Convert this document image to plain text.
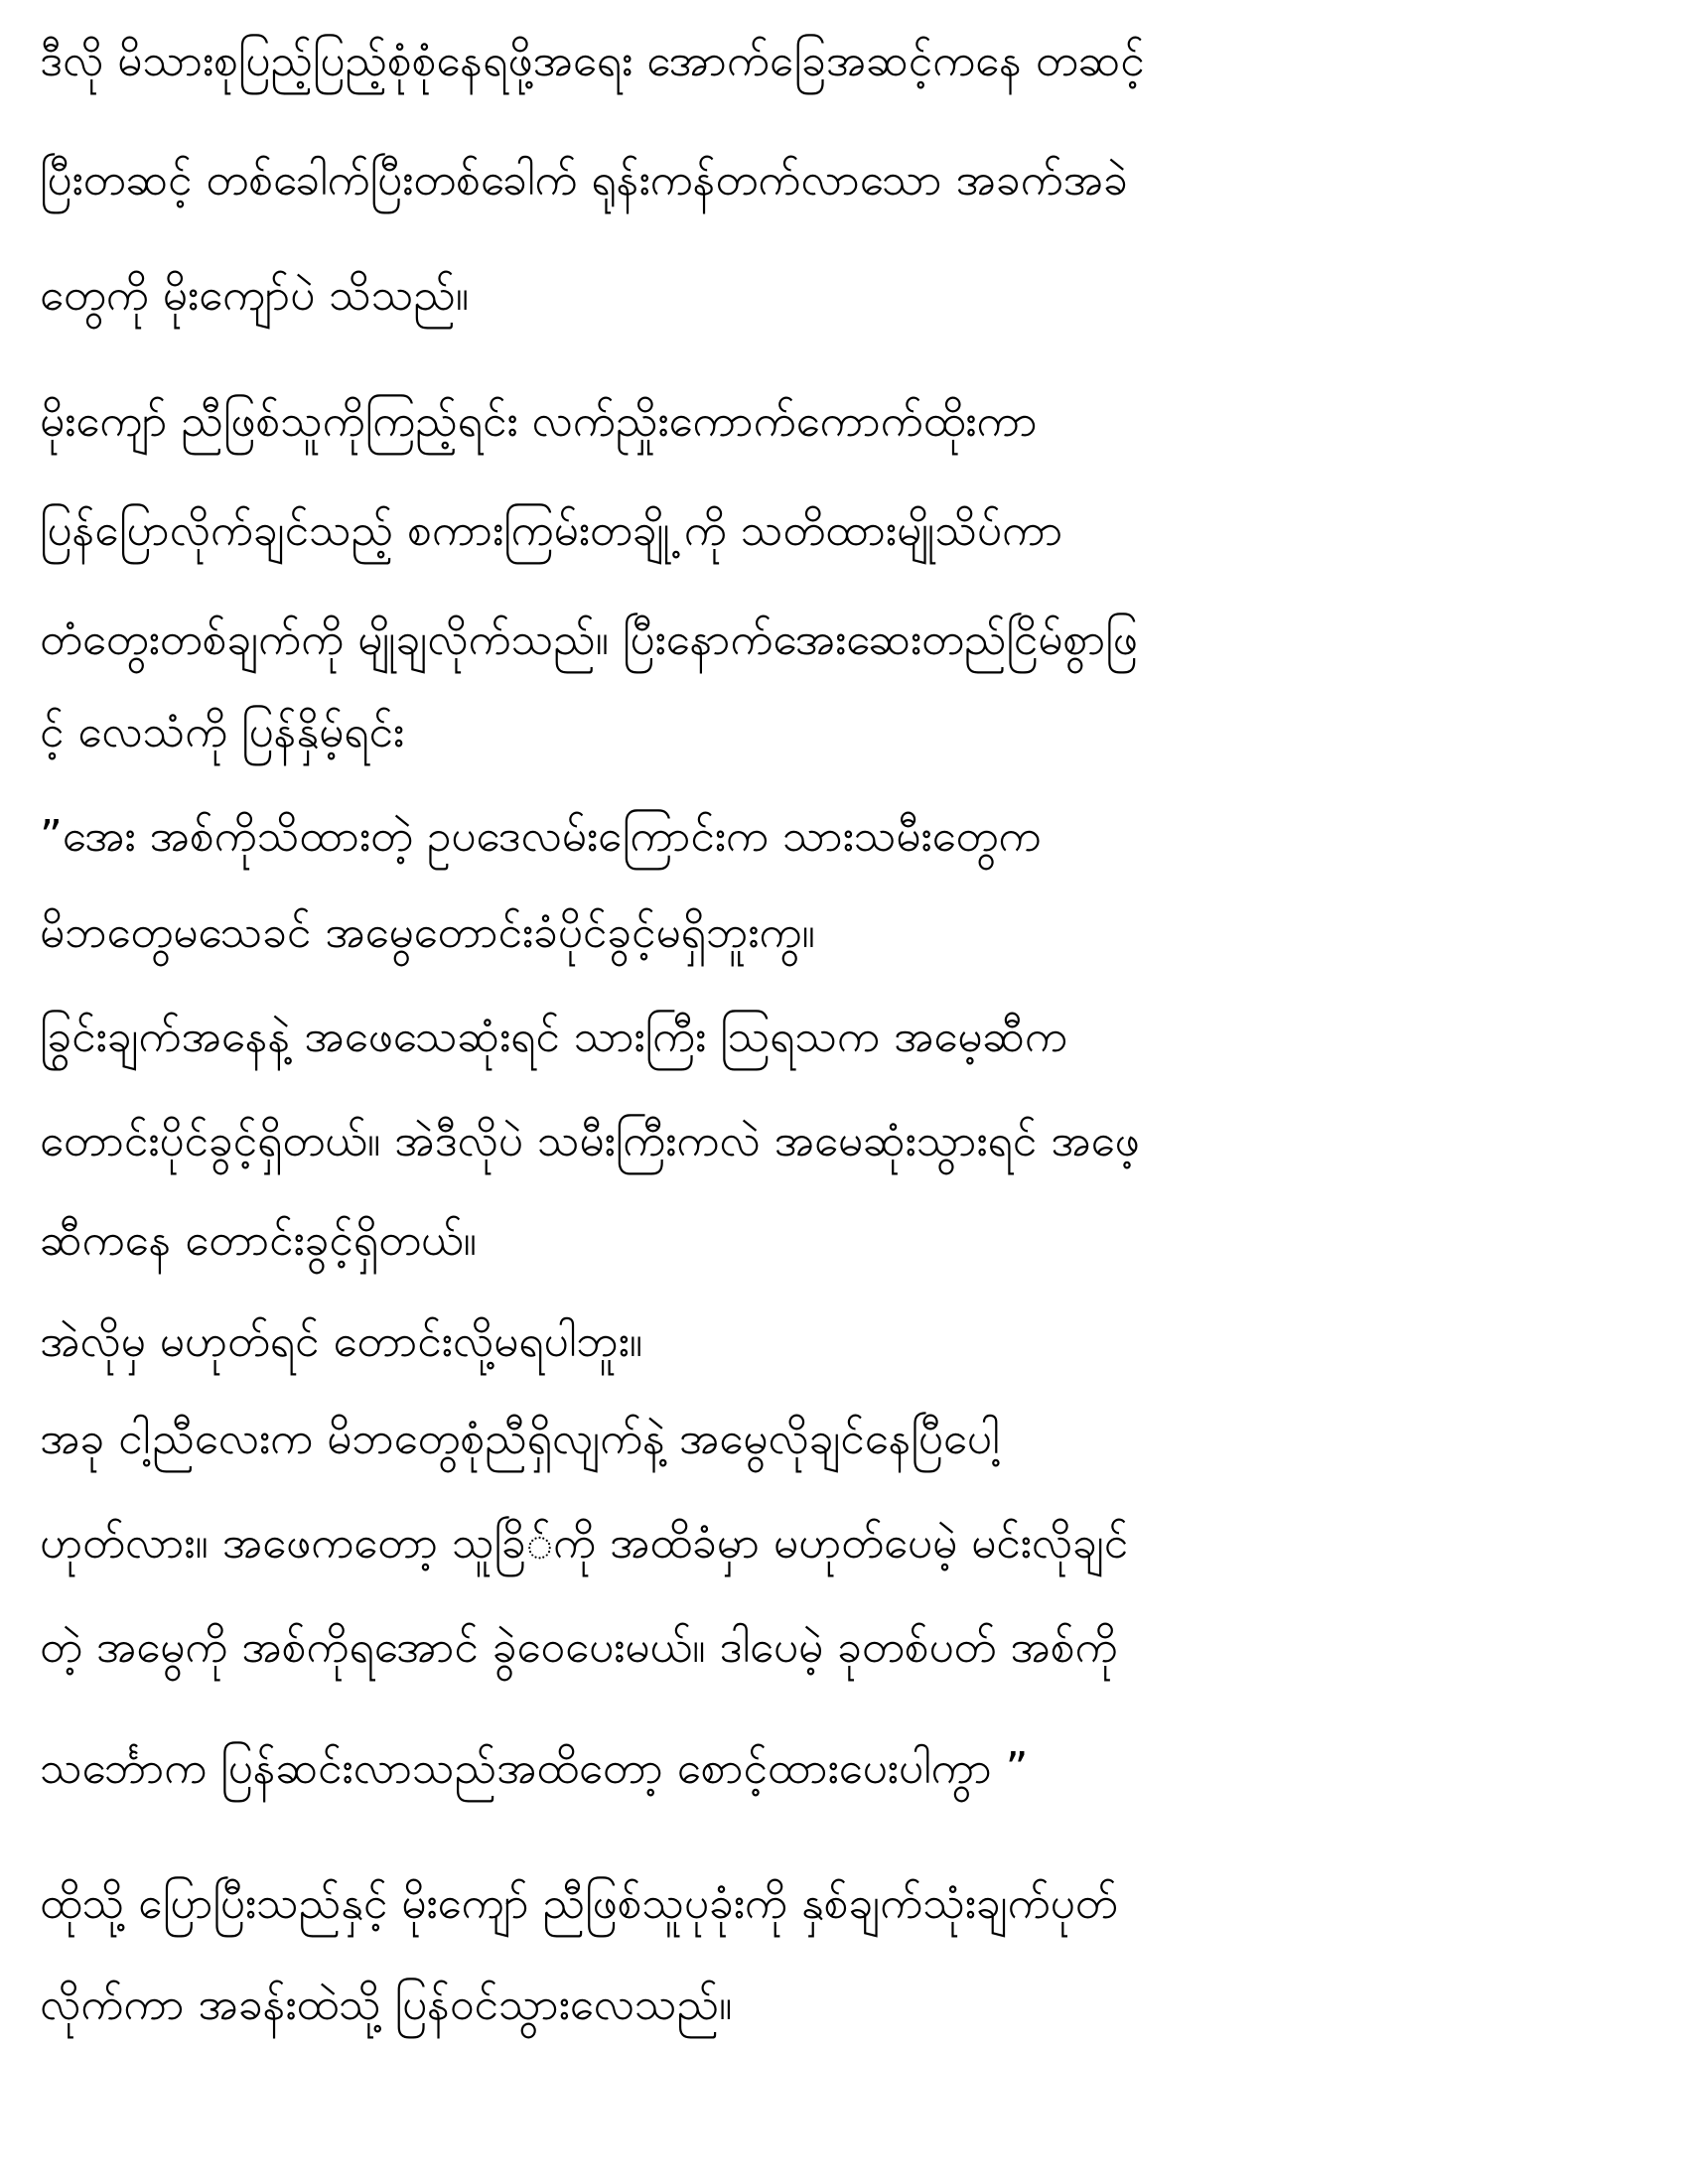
ဒီလို မိသားစုပြည့်ပြည့်စုံစုံနေရဖို့အရေး အောက်ခြေအဆင့်ကနေ တဆင့်
ပြီးတဆင့် တစ်ခေါက်ပြီးတစ်ခေါက် ရုန်းကန်တက်လာသော အခက်အခဲ
တွေကို မိုးကျော်ပဲ သိသည်။
မိုးကျော် ညီဖြစ်သူကိုကြည့်ရင်း လက်ညှိုးကောက်ကောက်ထိုးကာ
ပြန်ပြောလိုက်ချင်သည့် စကားကြမ်းတချို့ ကို သတိထားမျိုသိပ်ကာ
တံတွေးတစ်ချက်ကို မျိုချလိုက်သည်။ ပြီးနောက်အေးဆေးတည်ငြိမ်စွာဖြ
င့် လေသံကို ပြန်နှိမ့်ရင်း
”အေး အစ်ကိုသိထားတဲ့ ဥပဒေလမ်းကြောင်းက သားသမီးတွေက
မိဘတွေမသေခင် အမွေတောင်းခံပိုင်ခွင့်မရှိဘူးကွ။
ခြွင်းချက်အနေနဲ့ အဖေသေဆုံးရင် သားကြီး ဩရသက အမေ့ဆီက
တောင်းပိုင်ခွင့်ရှိတယ်။ အဲဒီလိုပဲ သမီးကြီးကလဲ အမေဆုံးသွားရင် အဖေ့
ဆီကနေ တောင်းခွင့်ရှိတယ်။
အဲလိုမှ မဟုတ်ရင် တောင်းလို့မရပါဘူး။
အခု ငါ့ညီလေးက မိဘတွေစုံညီရှိလျက်နဲ့ အမွေလိုချင်နေပြီပေါ့
ဟုတ်လား။ အဖေကတော့ သူခြိ်ကို အထိခံမှာ မဟုတ်ပေမဲ့ မင်းလိုချင်
တဲ့ အမွေကို အစ်ကိုရအောင် ခွဲဝေပေးမယ်။ ဒါပေမဲ့ ခုတစ်ပတ် အစ်ကို
သင်္ဘောက ပြန်ဆင်းလာသည်အထိတော့ စောင့်ထားပေးပါကွာ ”
ထိုသို့ ပြောပြီးသည်နှင့် မိုးကျော် ညီဖြစ်သူပုခုံးကို နှစ်ချက်သုံးချက်ပုတ်
လိုက်ကာ အခန်းထဲသို့ ပြန်ဝင်သွားလေသည်။
